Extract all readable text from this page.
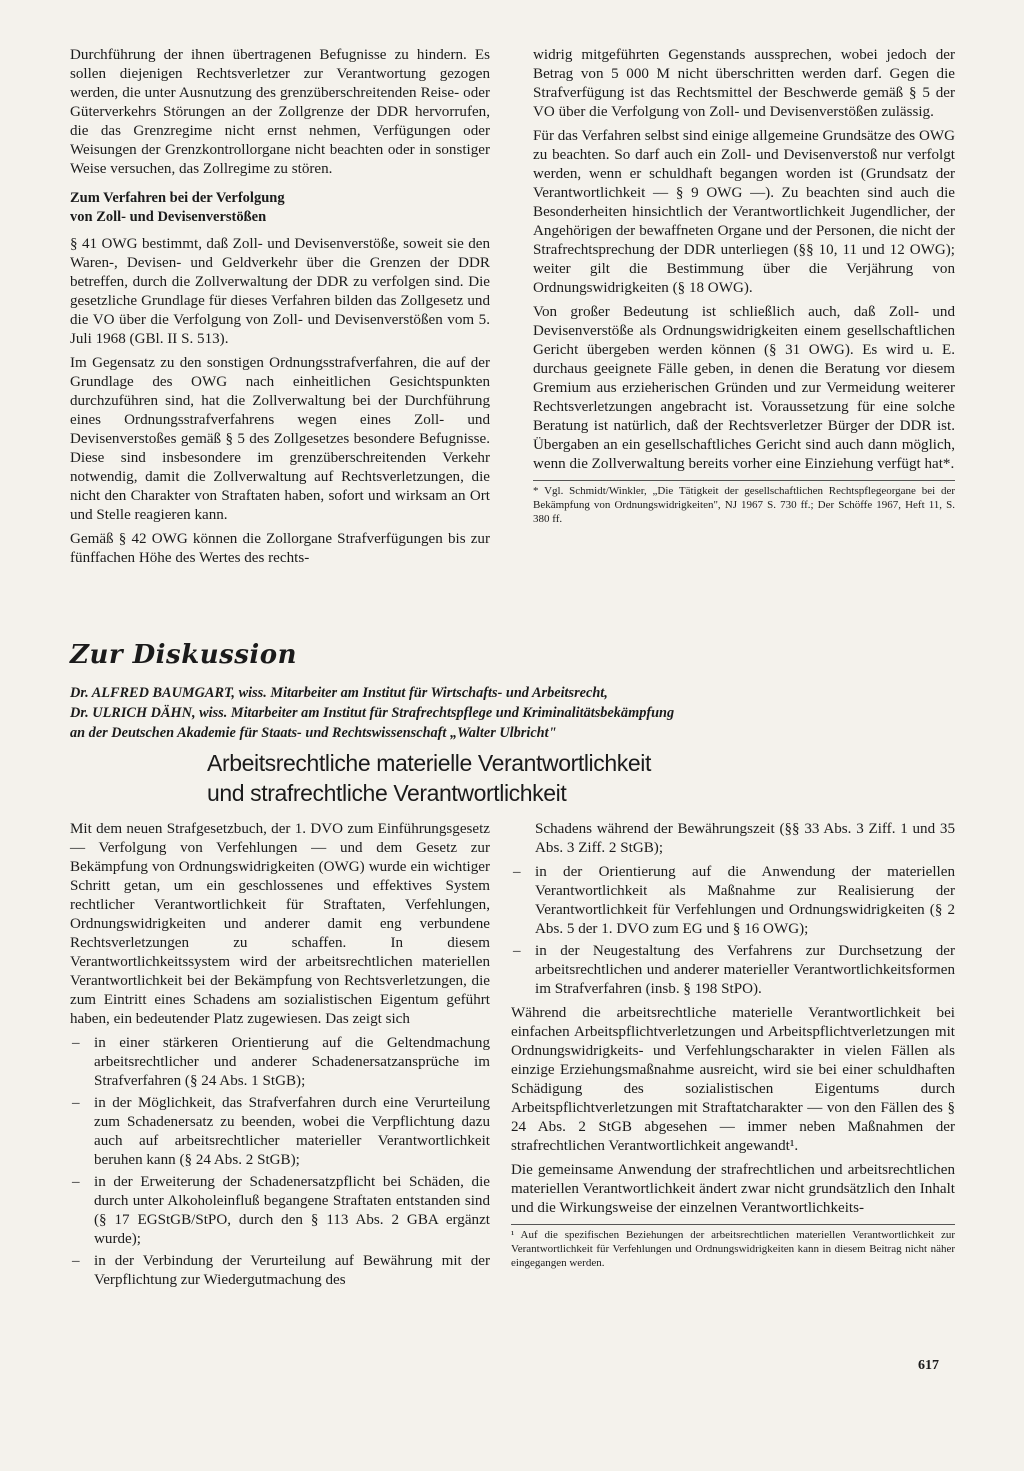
Durchführung der ihnen übertragenen Befugnisse zu hindern. Es sollen diejenigen Rechtsverletzer zur Verantwortung gezogen werden, die unter Ausnutzung des grenzüberschreitenden Reise- oder Güterverkehrs Störungen an der Zollgrenze der DDR hervorrufen, die das Grenzregime nicht ernst nehmen, Verfügungen oder Weisungen der Grenzkontrollorgane nicht beachten oder in sonstiger Weise versuchen, das Zollregime zu stören.

Zum Verfahren bei der Verfolgung
von Zoll- und Devisenverstößen

§ 41 OWG bestimmt, daß Zoll- und Devisenverstöße, soweit sie den Waren-, Devisen- und Geldverkehr über die Grenzen der DDR betreffen, durch die Zollverwaltung der DDR zu verfolgen sind. Die gesetzliche Grundlage für dieses Verfahren bilden das Zollgesetz und die VO über die Verfolgung von Zoll- und Devisenverstößen vom 5. Juli 1968 (GBl. II S. 513).

Im Gegensatz zu den sonstigen Ordnungsstrafverfahren, die auf der Grundlage des OWG nach einheitlichen Gesichtspunkten durchzuführen sind, hat die Zollverwaltung bei der Durchführung eines Ordnungsstrafverfahrens wegen eines Zoll- und Devisenverstoßes gemäß § 5 des Zollgesetzes besondere Befugnisse. Diese sind insbesondere im grenzüberschreitenden Verkehr notwendig, damit die Zollverwaltung auf Rechtsverletzungen, die nicht den Charakter von Straftaten haben, sofort und wirksam an Ort und Stelle reagieren kann.

Gemäß § 42 OWG können die Zollorgane Strafverfügungen bis zur fünffachen Höhe des Wertes des rechts-

widrig mitgeführten Gegenstands aussprechen, wobei jedoch der Betrag von 5 000 M nicht überschritten werden darf. Gegen die Strafverfügung ist das Rechtsmittel der Beschwerde gemäß § 5 der VO über die Verfolgung von Zoll- und Devisenverstößen zulässig.

Für das Verfahren selbst sind einige allgemeine Grundsätze des OWG zu beachten. So darf auch ein Zoll- und Devisenverstoß nur verfolgt werden, wenn er schuldhaft begangen worden ist (Grundsatz der Verantwortlichkeit — § 9 OWG —). Zu beachten sind auch die Besonderheiten hinsichtlich der Verantwortlichkeit Jugendlicher, der Angehörigen der bewaffneten Organe und der Personen, die nicht der Strafrechtsprechung der DDR unterliegen (§§ 10, 11 und 12 OWG); weiter gilt die Bestimmung über die Verjährung von Ordnungswidrigkeiten (§ 18 OWG).

Von großer Bedeutung ist schließlich auch, daß Zoll- und Devisenverstöße als Ordnungswidrigkeiten einem gesellschaftlichen Gericht übergeben werden können (§ 31 OWG). Es wird u. E. durchaus geeignete Fälle geben, in denen die Beratung vor diesem Gremium aus erzieherischen Gründen und zur Vermeidung weiterer Rechtsverletzungen angebracht ist. Voraussetzung für eine solche Beratung ist natürlich, daß der Rechtsverletzer Bürger der DDR ist. Übergaben an ein gesellschaftliches Gericht sind auch dann möglich, wenn die Zollverwaltung bereits vorher eine Einziehung verfügt hat*.

* Vgl. Schmidt/Winkler, „Die Tätigkeit der gesellschaftlichen Rechtspflegeorgane bei der Bekämpfung von Ordnungswidrigkeiten", NJ 1967 S. 730 ff.; Der Schöffe 1967, Heft 11, S. 380 ff.
Zur Diskussion
Dr. ALFRED BAUMGART, wiss. Mitarbeiter am Institut für Wirtschafts- und Arbeitsrecht,
Dr. ULRICH DÄHN, wiss. Mitarbeiter am Institut für Strafrechtspflege und Kriminalitätsbekämpfung
an der Deutschen Akademie für Staats- und Rechtswissenschaft „Walter Ulbricht"
Arbeitsrechtliche materielle Verantwortlichkeit
und strafrechtliche Verantwortlichkeit

Mit dem neuen Strafgesetzbuch, der 1. DVO zum Einführungsgesetz — Verfolgung von Verfehlungen — und dem Gesetz zur Bekämpfung von Ordnungswidrigkeiten (OWG) wurde ein wichtiger Schritt getan, um ein geschlossenes und effektives System rechtlicher Verantwortlichkeit für Straftaten, Verfehlungen, Ordnungswidrigkeiten und anderer damit eng verbundene Rechtsverletzungen zu schaffen. In diesem Verantwortlichkeitssystem wird der arbeitsrechtlichen materiellen Verantwortlichkeit bei der Bekämpfung von Rechtsverletzungen, die zum Eintritt eines Schadens am sozialistischen Eigentum geführt haben, ein bedeutender Platz zugewiesen. Das zeigt sich

– in einer stärkeren Orientierung auf die Geltendmachung arbeitsrechtlicher und anderer Schadenersatzansprüche im Strafverfahren (§ 24 Abs. 1 StGB);
– in der Möglichkeit, das Strafverfahren durch eine Verurteilung zum Schadenersatz zu beenden, wobei die Verpflichtung dazu auch auf arbeitsrechtlicher materieller Verantwortlichkeit beruhen kann (§ 24 Abs. 2 StGB);
– in der Erweiterung der Schadenersatzpflicht bei Schäden, die durch unter Alkoholeinfluß begangene Straftaten entstanden sind (§ 17 EGStGB/StPO, durch den § 113 Abs. 2 GBA ergänzt wurde);
– in der Verbindung der Verurteilung auf Bewährung mit der Verpflichtung zur Wiedergutmachung des

Schadens während der Bewährungszeit (§§ 33 Abs. 3 Ziff. 1 und 35 Abs. 3 Ziff. 2 StGB);

– in der Orientierung auf die Anwendung der materiellen Verantwortlichkeit als Maßnahme zur Realisierung der Verantwortlichkeit für Verfehlungen und Ordnungswidrigkeiten (§ 2 Abs. 5 der 1. DVO zum EG und § 16 OWG);
– in der Neugestaltung des Verfahrens zur Durchsetzung der arbeitsrechtlichen und anderer materieller Verantwortlichkeitsformen im Strafverfahren (insb. § 198 StPO).

Während die arbeitsrechtliche materielle Verantwortlichkeit bei einfachen Arbeitspflichtverletzungen und Arbeitspflichtverletzungen mit Ordnungswidrigkeits- und Verfehlungscharakter in vielen Fällen als einzige Erziehungsmaßnahme ausreicht, wird sie bei einer schuldhaften Schädigung des sozialistischen Eigentums durch Arbeitspflichtverletzungen mit Straftatcharakter — von den Fällen des § 24 Abs. 2 StGB abgesehen — immer neben Maßnahmen der strafrechtlichen Verantwortlichkeit angewandt¹.

Die gemeinsame Anwendung der strafrechtlichen und arbeitsrechtlichen materiellen Verantwortlichkeit ändert zwar nicht grundsätzlich den Inhalt und die Wirkungsweise der einzelnen Verantwortlichkeits-

¹ Auf die spezifischen Beziehungen der arbeitsrechtlichen materiellen Verantwortlichkeit zur Verantwortlichkeit für Verfehlungen und Ordnungswidrigkeiten kann in diesem Beitrag nicht näher eingegangen werden.
617
